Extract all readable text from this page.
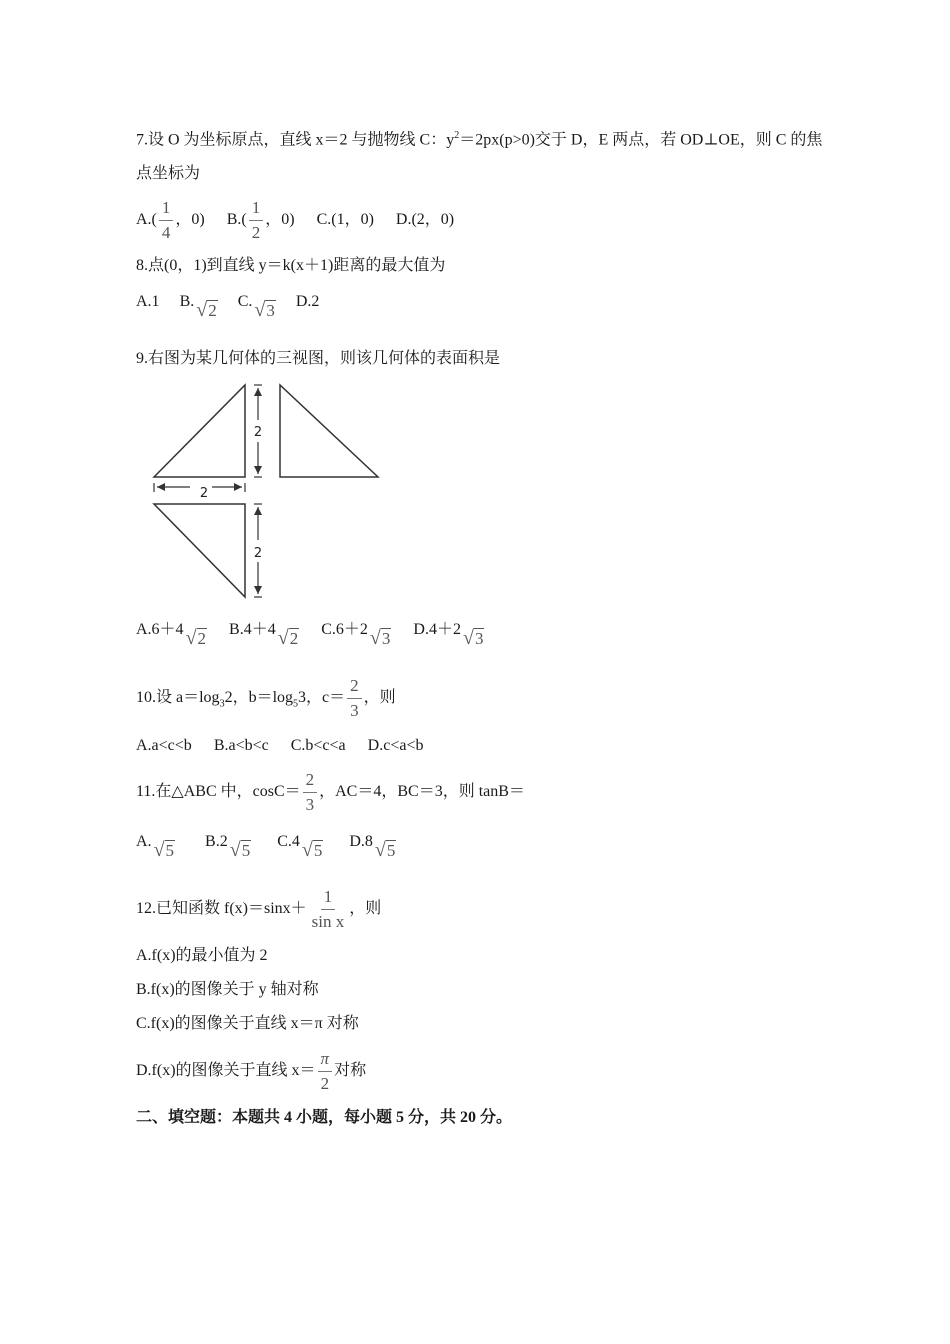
7.设 O 为坐标原点，直线 x＝2 与抛物线 C：$y^2=2px(p>0)$交于 D，E 两点，若 OD⊥OE，则 C 的焦
点坐标为
$A.( \frac{1}{4}$ ，0) $B.( \frac{1}{2}$ ，0) C.(1，0) D.(2，0)
8.点(0，1)到直线 y＝k(x＋1)距离的最大值为
A.1 B. √2 C. √3 D.2
9.右图为某几何体的三视图，则该几何体的表面积是
2
2
2
A.6＋4 √2 B.4＋4 √2 C.6＋2 √3 D.4＋2 √3
10.设 $a=\log_32$，$b=\log_53$，$c= \frac{2}{3}$ ，则
A.a<c<b B.a<b<c C.b<c<a D.c<a<b
11.在△ABC 中，$\cos C= \frac{2}{3}$ ，AC＝4，BC＝3，则 tanB＝
A. √5 B.2 √5 C.4 √5 D.8 √5
12.已知函数 $f(x)=\sin x+ \frac{1}{\text{sin x}}$ ，则
A.f(x)的最小值为 2
B.f(x)的图像关于 y 轴对称
C.f(x)的图像关于直线 x＝π 对称
D.f(x)的图像关于直线 $x= \frac{\pi}{2}$ 对称
二、填空题：本题共 4 小题，每小题 5 分，共 20 分。
